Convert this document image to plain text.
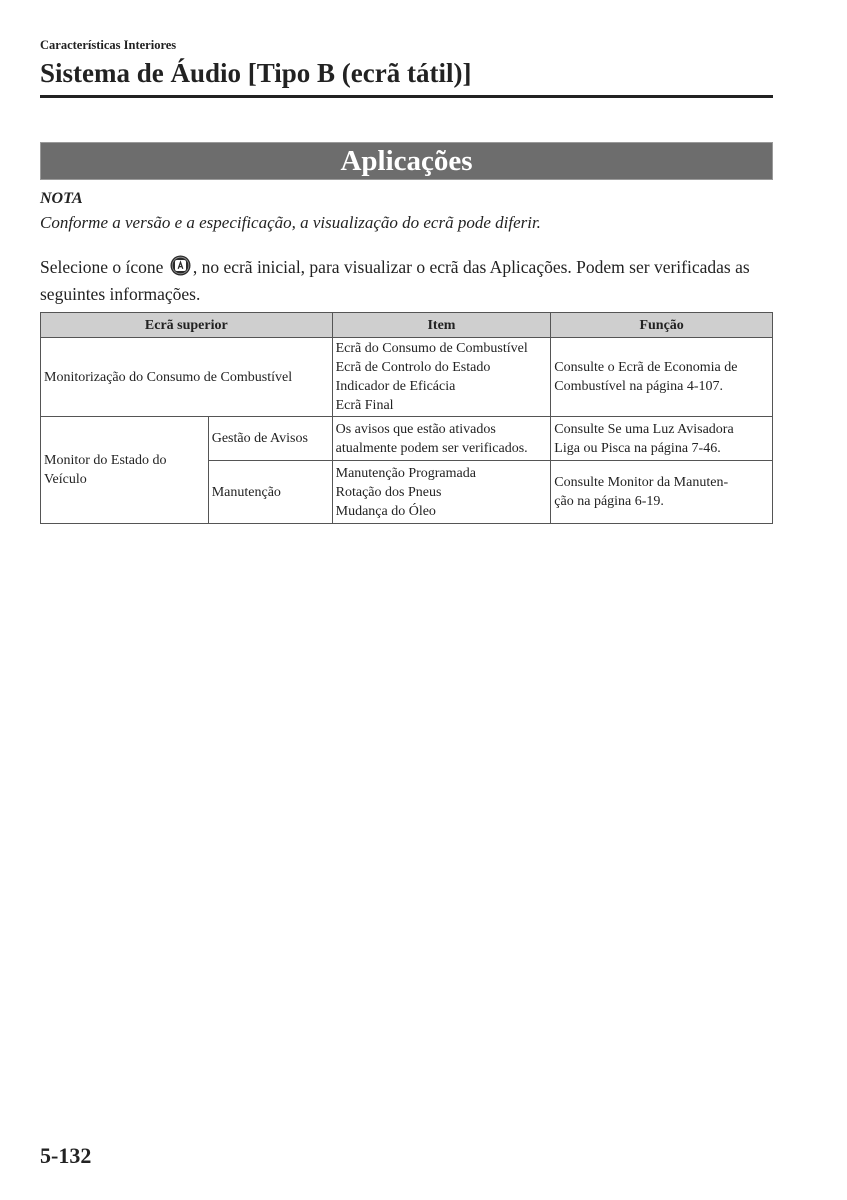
Características Interiores
Sistema de Áudio [Tipo B (ecrã tátil)]
Aplicações
NOTA
Conforme a versão e a especificação, a visualização do ecrã pode diferir.
Selecione o ícone , no ecrã inicial, para visualizar o ecrã das Aplicações. Podem ser verificadas as seguintes informações.
Ecrã superior		Item	Função
Monitorização do Consumo de Combustível		Ecrã do Consumo de Combustível
Ecrã de Controlo do Estado
Indicador de Eficácia
Ecrã Final	Consulte o Ecrã de Economia de
Combustível na página 4-107.

Monitor do Estado do
Veículo	Gestão de Avisos	Os avisos que estão ativados
atualmente podem ser verificados.	Consulte Se uma Luz Avisadora
Liga ou Pisca na página 7-46.

	Manutenção	Manutenção Programada
Rotação dos Pneus
Mudança do Óleo	Consulte Monitor da Manuten-
ção na página 6-19.
5-132
